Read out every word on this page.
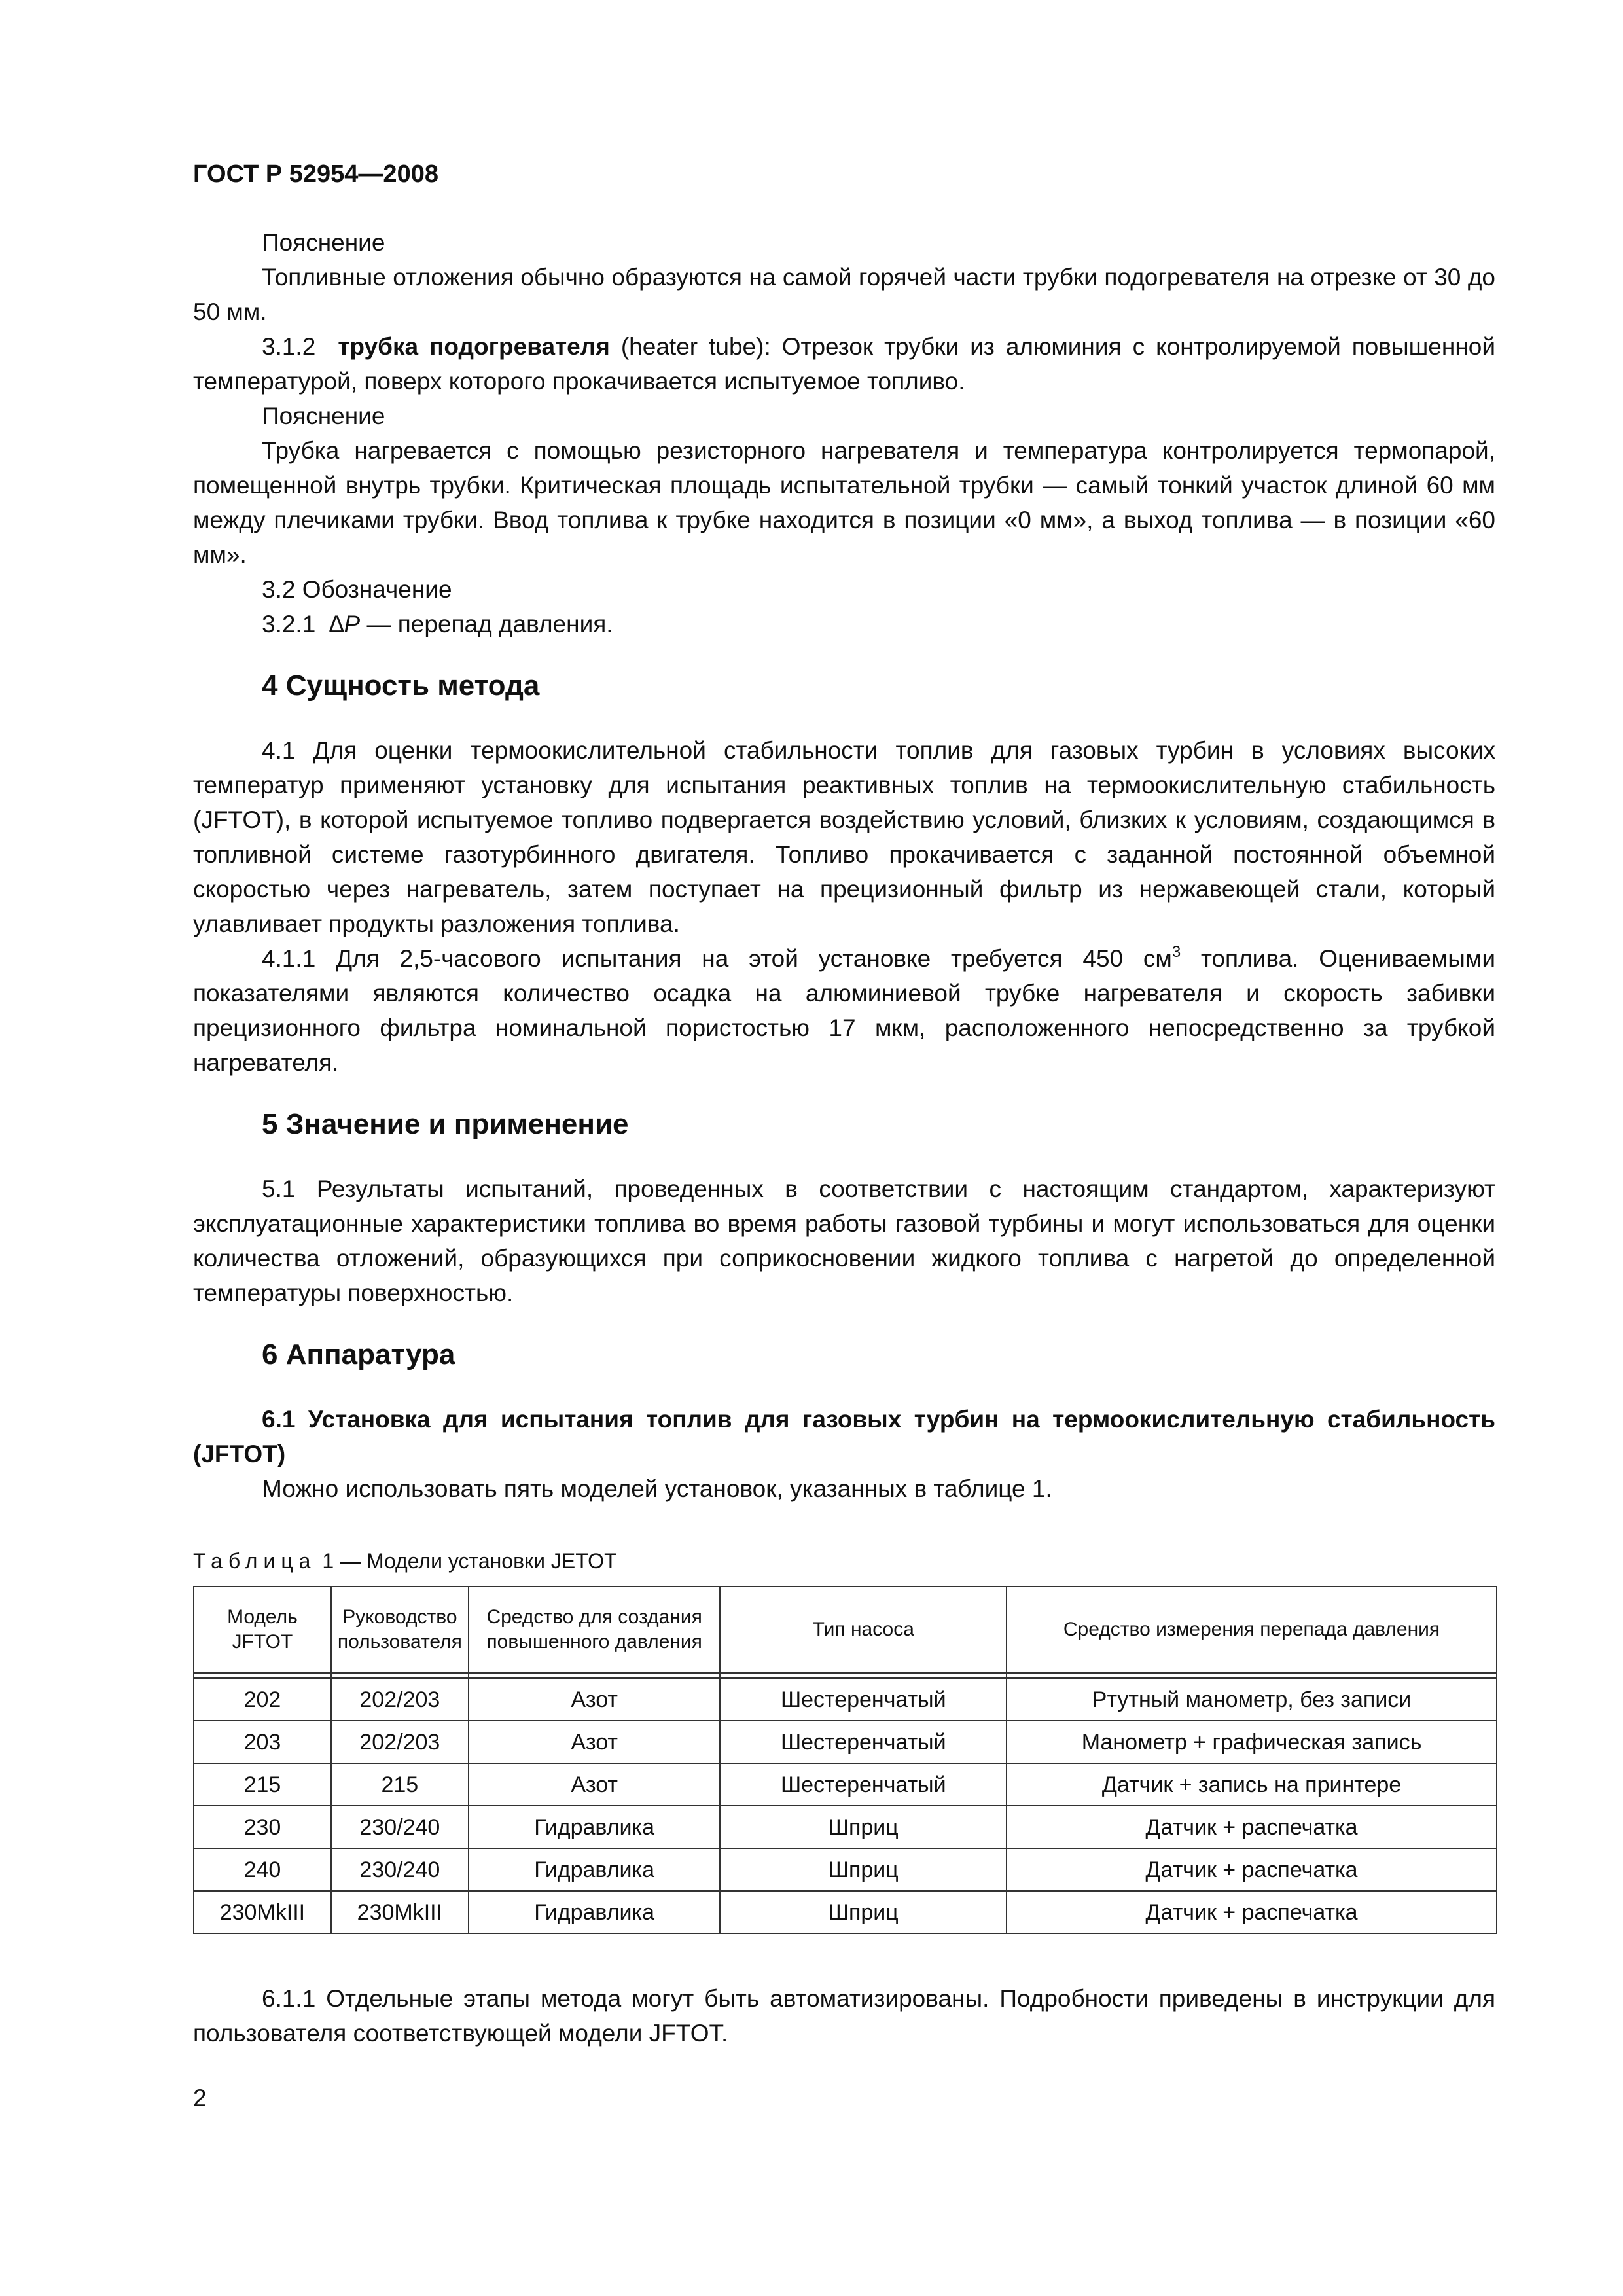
ГОСТ Р 52954—2008

Пояснение

Топливные отложения обычно образуются на самой горячей части трубки подогревателя на отрезке от 30 до 50 мм.

3.1.2 трубка подогревателя (heater tube): Отрезок трубки из алюминия с контролируемой повышенной температурой, поверх которого прокачивается испытуемое топливо.

Пояснение

Трубка нагревается с помощью резисторного нагревателя и температура контролируется термопарой, помещенной внутрь трубки. Критическая площадь испытательной трубки — самый тонкий участок длиной 60 мм между плечиками трубки. Ввод топлива к трубке находится в позиции «0 мм», а выход топлива — в позиции «60 мм».

3.2 Обозначение

3.2.1 ∆P — перепад давления.

4 Сущность метода

4.1 Для оценки термоокислительной стабильности топлив для газовых турбин в условиях высоких температур применяют установку для испытания реактивных топлив на термоокислительную стабильность (JFTOT), в которой испытуемое топливо подвергается воздействию условий, близких к условиям, создающимся в топливной системе газотурбинного двигателя. Топливо прокачивается с заданной постоянной объемной скоростью через нагреватель, затем поступает на прецизионный фильтр из нержавеющей стали, который улавливает продукты разложения топлива.

4.1.1 Для 2,5-часового испытания на этой установке требуется 450 $см^3$ топлива. Оцениваемыми показателями являются количество осадка на алюминиевой трубке нагревателя и скорость забивки прецизионного фильтра номинальной пористостью 17 мкм, расположенного непосредственно за трубкой нагревателя.

5 Значение и применение

5.1 Результаты испытаний, проведенных в соответствии с настоящим стандартом, характеризуют эксплуатационные характеристики топлива во время работы газовой турбины и могут использоваться для оценки количества отложений, образующихся при соприкосновении жидкого топлива с нагретой до определенной температуры поверхностью.

6 Аппаратура
6.1 Установка для испытания топлив для газовых турбин на термоокислительную стабильность (JFTOT)

Можно использовать пять моделей установок, указанных в таблице 1.

Таблица 1 — Модели установки JETOT
Модель JFTOT	Руководство пользователя	Средство для создания повышенного давления	Тип насоса	Средство измерения перепада давления

202	202/203	Азот	Шестеренчатый	Ртутный манометр, без записи
203	202/203	Азот	Шестеренчатый	Манометр + графическая запись
215	215	Азот	Шестеренчатый	Датчик + запись на принтере
230	230/240	Гидравлика	Шприц	Датчик + распечатка
240	230/240	Гидравлика	Шприц	Датчик + распечатка
230MkIII	230MkIII	Гидравлика	Шприц	Датчик + распечатка

6.1.1 Отдельные этапы метода могут быть автоматизированы. Подробности приведены в инструкции для пользователя соответствующей модели JFTOT.

2
